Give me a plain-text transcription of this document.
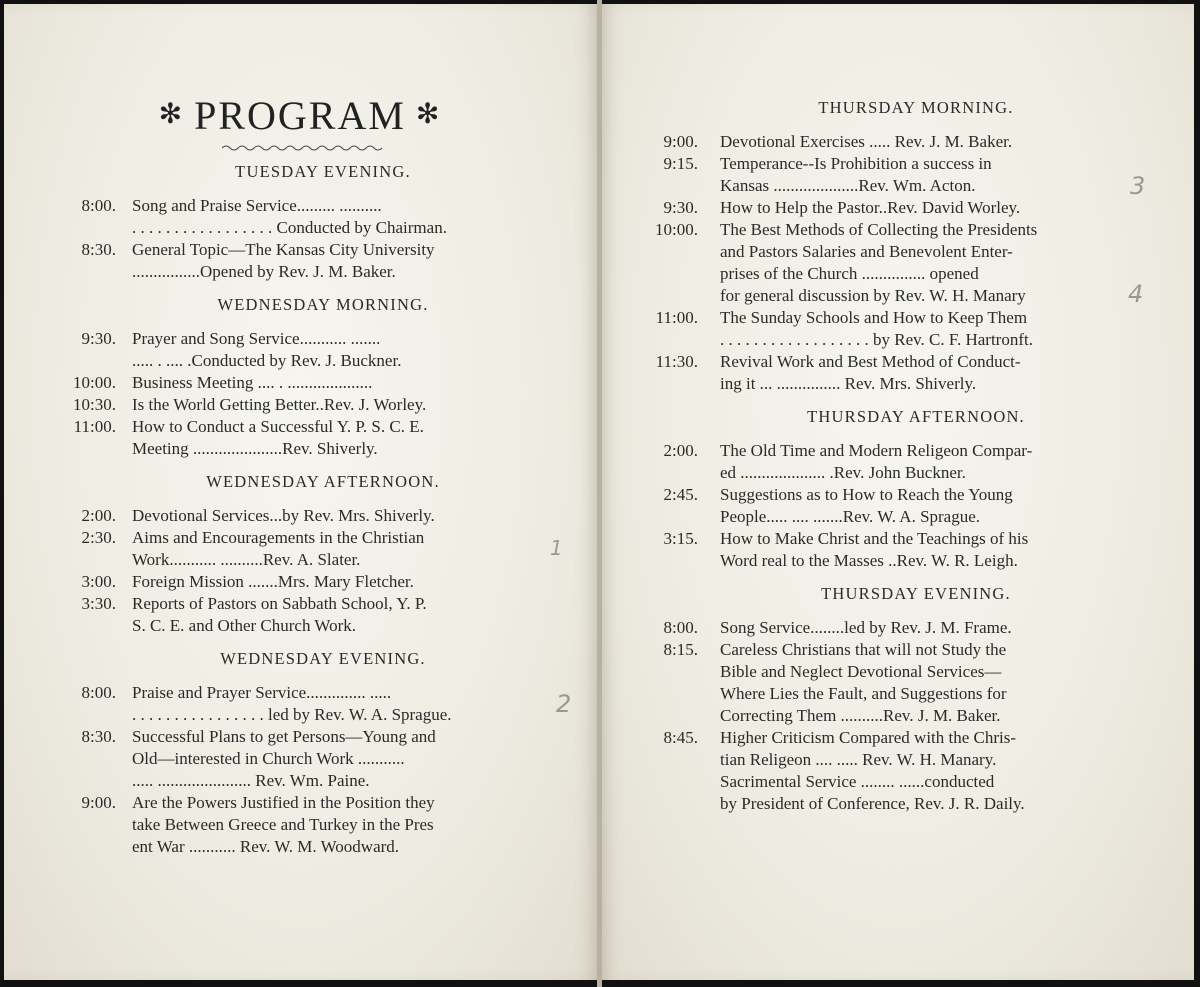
✻ PROGRAM ✻
TUESDAY EVENING.
8:00. Song and Praise Service......... ..........
. . . . . . . . . . . . . . . . . Conducted by Chairman.
8:30. General Topic—The Kansas City University
................Opened by Rev. J. M. Baker.
WEDNESDAY MORNING.
9:30. Prayer and Song Service........... .......
..... . .... .Conducted by Rev. J. Buckner.
10:00. Business Meeting .... . ....................
10:30. Is the World Getting Better..Rev. J. Worley.
11:00. How to Conduct a Successful Y. P. S. C. E.
Meeting .....................Rev. Shiverly.
WEDNESDAY AFTERNOON.
2:00. Devotional Services...by Rev. Mrs. Shiverly.
2:30. Aims and Encouragements in the Christian
Work........... ..........Rev. A. Slater.
3:00. Foreign Mission .......Mrs. Mary Fletcher.
3:30. Reports of Pastors on Sabbath School, Y. P.
S. C. E. and Other Church Work.
WEDNESDAY EVENING.
8:00. Praise and Prayer Service.............. .....
. . . . . . . . . . . . . . . . led by Rev. W. A. Sprague.
8:30. Successful Plans to get Persons—Young and
Old—interested in Church Work ...........
..... ...................... Rev. Wm. Paine.
9:00. Are the Powers Justified in the Position they
take Between Greece and Turkey in the Pres
ent War ........... Rev. W. M. Woodward.
THURSDAY MORNING.
9:00. Devotional Exercises ..... Rev. J. M. Baker.
9:15. Temperance--Is Prohibition a success in
Kansas ....................Rev. Wm. Acton.
9:30. How to Help the Pastor..Rev. David Worley.
10:00. The Best Methods of Collecting the Presidents
and Pastors Salaries and Benevolent Enter-
prises of the Church ............... opened
for general discussion by Rev. W. H. Manary
11:00. The Sunday Schools and How to Keep Them
. . . . . . . . . . . . . . . . . . by Rev. C. F. Hartronft.
11:30. Revival Work and Best Method of Conduct-
ing it ... ............... Rev. Mrs. Shiverly.
THURSDAY AFTERNOON.
2:00. The Old Time and Modern Religeon Compar-
ed .................... .Rev. John Buckner.
2:45. Suggestions as to How to Reach the Young
People..... .... .......Rev. W. A. Sprague.
3:15. How to Make Christ and the Teachings of his
Word real to the Masses ..Rev. W. R. Leigh.
THURSDAY EVENING.
8:00. Song Service........led by Rev. J. M. Frame.
8:15. Careless Christians that will not Study the
Bible and Neglect Devotional Services—
Where Lies the Fault, and Suggestions for
Correcting Them ..........Rev. J. M. Baker.
8:45. Higher Criticism Compared with the Chris-
tian Religeon .... ..... Rev. W. H. Manary.
Sacrimental Service ........ ......conducted
by President of Conference, Rev. J. R. Daily.
1
2
3
4
